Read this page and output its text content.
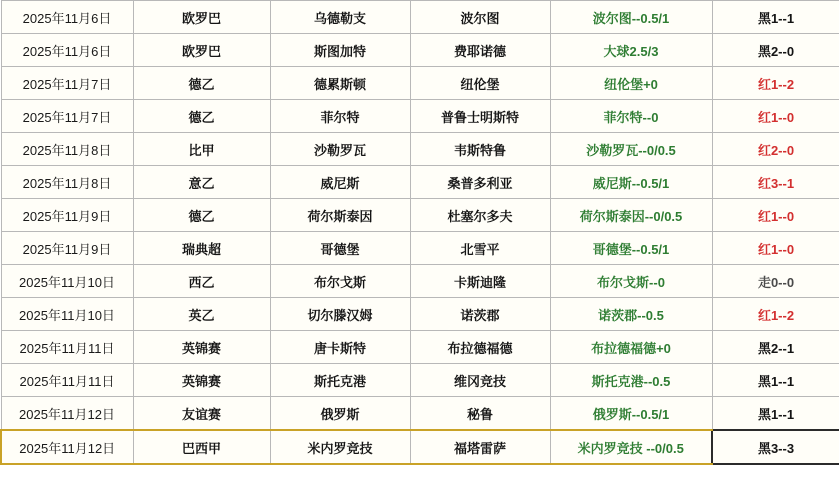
2025年11月6日	欧罗巴	乌德勒支	波尔图	波尔图--0.5/1	黑1--1
2025年11月6日	欧罗巴	斯图加特	费耶诺德	大球2.5/3	黑2--0
2025年11月7日	德乙	德累斯顿	纽伦堡	纽伦堡+0	红1--2
2025年11月7日	德乙	菲尔特	普鲁士明斯特	菲尔特--0	红1--0
2025年11月8日	比甲	沙勒罗瓦	韦斯特鲁	沙勒罗瓦--0/0.5	红2--0
2025年11月8日	意乙	威尼斯	桑普多利亚	威尼斯--0.5/1	红3--1
2025年11月9日	德乙	荷尔斯泰因	杜塞尔多夫	荷尔斯泰因--0/0.5	红1--0
2025年11月9日	瑞典超	哥德堡	北雪平	哥德堡--0.5/1	红1--0
2025年11月10日	西乙	布尔戈斯	卡斯迪隆	布尔戈斯--0	走0--0
2025年11月10日	英乙	切尔滕汉姆	诺茨郡	诺茨郡--0.5	红1--2
2025年11月11日	英锦赛	唐卡斯特	布拉德福德	布拉德福德+0	黑2--1
2025年11月11日	英锦赛	斯托克港	维冈竞技	斯托克港--0.5	黑1--1
2025年11月12日	友谊赛	俄罗斯	秘鲁	俄罗斯--0.5/1	黑1--1
2025年11月12日	巴西甲	米内罗竞技	福塔雷萨	米内罗竞技 --0/0.5	黑3--3
